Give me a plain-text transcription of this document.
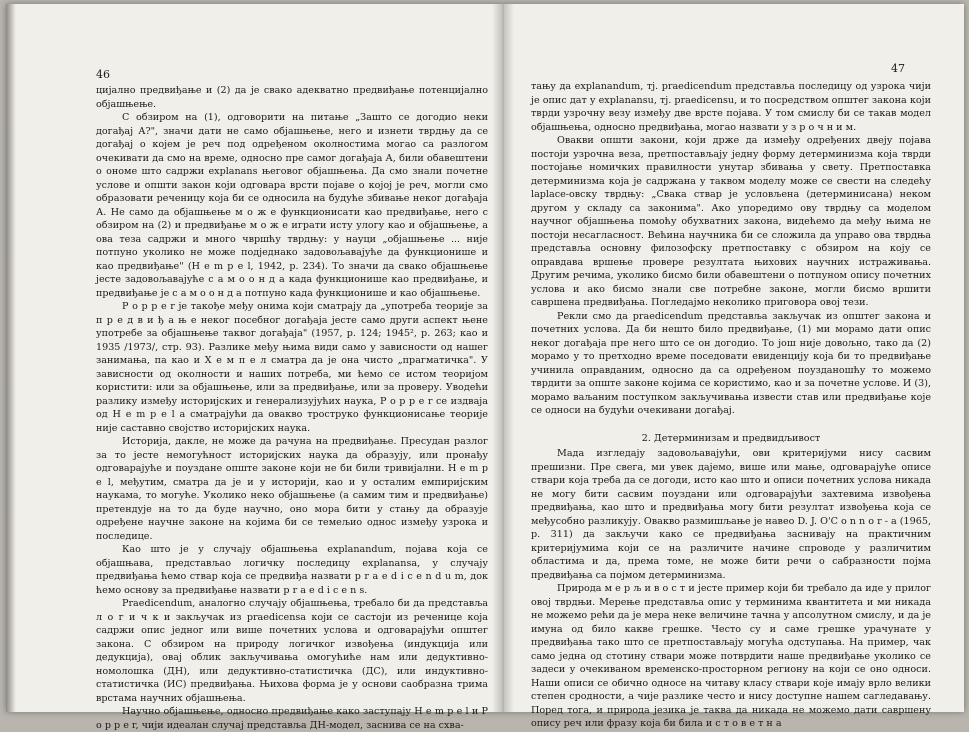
46

цијално предвиђање и (2) да је свако адекватно предвиђање потенцијално објашњење.

С обзиром на (1), одговорити на питање „Зашто се догодио неки догађај А?", значи дати не само објашњење, него и изнети тврдњу да се догађај о којем је реч под одређеном околностима могао са разлогом очекивати да смо на време, односно пре самог догађаја А, били обавештени о ономе што садржи explanans његовог објашњења. Да смо знали почетне услове и општи закон који одговара врсти појаве о којој је реч, могли смо образовати реченицу која би се односила на будуће збивање неког догађаја А. Не само да објашњење м о ж е функционисати као предвиђање, него с обзиром на (2) и предвиђање м о ж е играти исту улогу као и објашњење, а ова теза садржи и много чвршћу тврдњу: у науци „објашњење ... није потпуно уколико не може подједнако задовољавајуће да функционише и као предвиђање" (H e m p e l, 1942, p. 234). То значи да свако објашњење јесте задовољавајуће с а м о о н д а када функционише као предвиђање, и предвиђање је с а м о о н д а потпуно када функционише и као објашњење.

P o p p e r је такође међу онима који сматрају да „употреба теорије за п р е д в и ђ а њ е неког посебног догађаја јесте само други аспект њене употребе за објашњење таквог догађаја" (1957, p. 124; 1945², p. 263; као и 1935 /1973/, стр. 93). Разлике међу њима види само у зависности од нашег занимања, па као и Х е м п е л сматра да је она чисто „прагматичка". У зависности од околности и наших потреба, ми ћемо се истом теоријом користити: или за објашњење, или за предвиђање, или за проверу. Уводећи разлику између историјских и генерализујућих наука, P o p p e r се издваја од H e m p e l a сматрајући да овакво троструко функционисање теорије није саставно својство историјских наука.

Историја, дакле, не може да рачуна на предвиђање. Пресудан разлог за то јесте немогућност историјских наука да образују, или пронађу одговарајуће и поуздане опште законе који не би били тривијални. H e m p e l, међутим, сматра да је и у историји, као и у осталим емпиријским наукама, то могуће. Уколико неко објашњење (а самим тим и предвиђање) претендује на то да буде научно, оно мора бити у стању да образује одређене научне законе на којима би се темељио однос између узрока и последице.

Као што је у случају објашњења explanandum, појава која се објашњава, представљао логичку последицу explanansa, у случају предвиђања ћемо ствар која се предвиђа назвати p r a e d i c e n d u m, док ћемо основу за предвиђање назвати p r a e d i c e n s.

Praedicendum, аналогно случају објашњења, требало би да представља л о г и ч к и закључак из praedicensa који се састоји из реченице која садржи опис једног или више почетних услова и одговарајући општег закона. С обзиром на природу логичког извођења (индукција или дедукција), овај облик закључивања омогућиће нам или дедуктивно-номолошка (ДН), или дедуктивно-статистичка (ДС), или индуктивно-статистичка (ИС) предвиђања. Њихова форма је у основи саобразна трима врстама научних објашњења.

Научно објашњење, односно предвиђање како заступају H e m p e l и P o p p e r, чији идеалан случај представља ДН-модел, заснива се на схва-

47

тању да explanandum, тј. praedicendum представља последицу од узрока чији је опис дат у explanansu, тј. praedicensu, и то посредством општег закона који тврди узрочну везу између две врсте појава. У том смислу би се такав модел објашњења, односно предвиђања, могао назвати у з р о ч н и м.

Овакви општи закони, који држе да између одређених двеју појава постоји узрочна веза, претпостављају једну форму детерминизма која тврди постојање номичких правилности унутар збивања у свету. Претпоставка детерминизма која је садржана у таквом моделу може се свести на следећу laplace-овску тврдњу: „Свака ствар је условљена (детерминисана) неком другом у складу са законима". Ако упоредимо ову тврдњу са моделом научног објашњења помоћу обухватних закона, видећемо да међу њима не постоји несагласност. Већина научника би се сложила да управо ова тврдња представља основну филозофску претпоставку с обзиром на коју се оправдава вршење провере резултата њихових научних истраживања. Другим речима, уколико бисмо били обавештени о потпуном опису почетних услова и ако бисмо знали све потребне законе, могли бисмо вршити савршена предвиђања. Погледајмо неколико приговора овој тези.

Рекли смо да praedicendum представља закључак из општег закона и почетних услова. Да би нешто било предвиђање, (1) ми морамо дати опис неког догађаја пре него што се он догодио. То још није довољно, тако да (2) морамо у то претходно време поседовати евиденцију која би то предвиђање учинила оправданим, односно да са одређеном поузданошћу то можемо тврдити за опште законе којима се користимо, као и за почетне услове. И (3), морамо ваљаним поступком закључивања извести став или предвиђање које се односи на будући очекивани догађај.

2. Детерминизам и предвидљивост

Мада изгледају задовољавајући, ови критеријуми нису сасвим прешизни. Пре свега, ми увек дајемо, више или мање, одговарајуће описе ствари која треба да се догоди, исто као што и описи почетних услова никада не могу бити сасвим поуздани или одговарајући захтевима извођења предвиђања, као што и предвиђања могу бити резултат извођења која се међусобно разликују. Овакво размишљање је навео D. J. O'C o n n o r - a (1965, p. 311) да закључи како се предвиђања заснивају на практичним критеријумима који се на различите начине спроводе у различитим областима и да, према томе, не може бити речи о сабразности појма предвиђања са појмом детерминизма.

Природа м е р љ и в о с т и јесте пример који би требало да иде у прилог овој тврдњи. Мерење представља опис у терминима квантитета и ми никада не можемо рећи да је мера неке величине тачна у апсолутном смислу, и да је имуна од било какве грешке. Често су и саме грешке урачунате у предвиђања тако што се претпостављају могућа одступања. На пример, чак само једна од стотину ствари може потврдити наше предвиђање уколико се задеси у очекиваном временско-просторном региону на који се оно односи. Наши описи се обично односе на читаву класу ствари које имају врло велики степен сродности, а чије разлике често и нису доступне нашем сагледавању. Поред тога, и природа језика је таква да никада не можемо дати савршену опису реч или фразу која би била и с т о в е т н а
